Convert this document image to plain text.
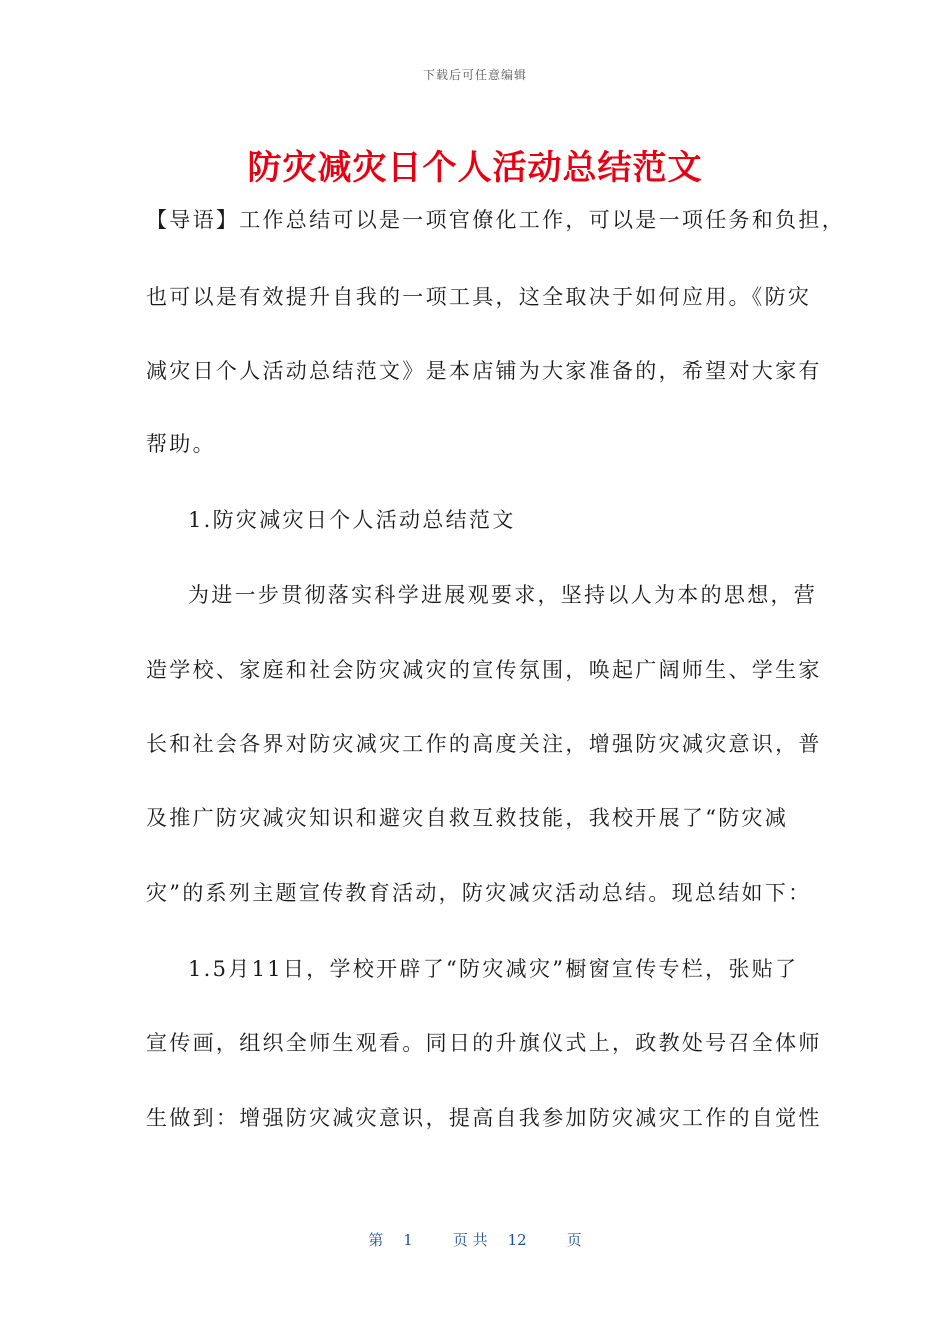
下载后可任意编辑
防灾减灾日个人活动总结范文
【导语】工作总结可以是一项官僚化工作，可以是一项任务和负担，
也可以是有效提升自我的一项工具，这全取决于如何应用。《防灾
减灾日个人活动总结范文》是本店铺为大家准备的，希望对大家有
帮助。
1.防灾减灾日个人活动总结范文
为进一步贯彻落实科学进展观要求，坚持以人为本的思想，营
造学校、家庭和社会防灾减灾的宣传氛围，唤起广阔师生、学生家
长和社会各界对防灾减灾工作的高度关注，增强防灾减灾意识，普
及推广防灾减灾知识和避灾自救互救技能，我校开展了“防灾减
灾”的系列主题宣传教育活动，防灾减灾活动总结。现总结如下：
1.5月11日，学校开辟了“防灾减灾”橱窗宣传专栏，张贴了
宣传画，组织全师生观看。同日的升旗仪式上，政教处号召全体师
生做到：增强防灾减灾意识，提高自我参加防灾减灾工作的自觉性
第 1	页 共 12	页
